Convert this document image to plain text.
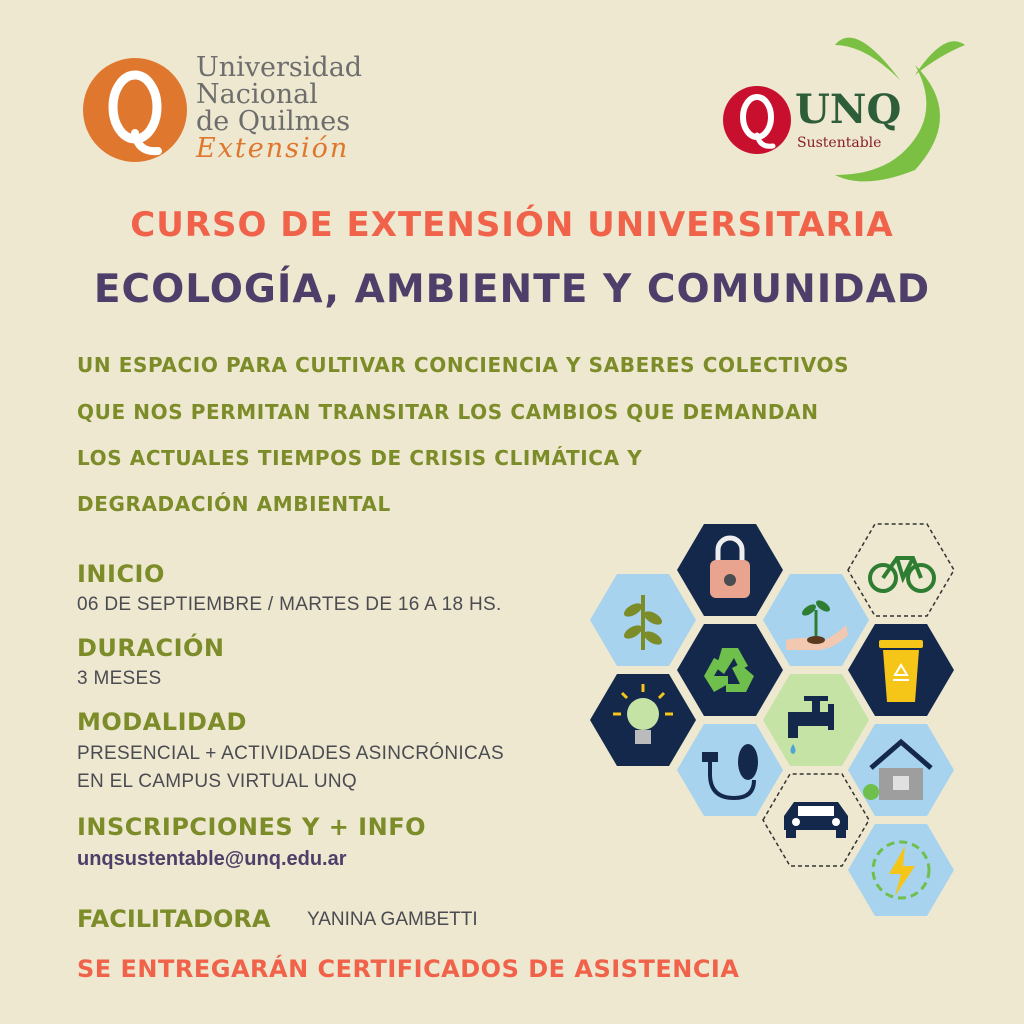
Universidad
Nacional
de Quilmes
Extensión
UNQ
Sustentable
CURSO DE EXTENSIÓN UNIVERSITARIA
ECOLOGÍA, AMBIENTE Y COMUNIDAD
UN ESPACIO PARA CULTIVAR CONCIENCIA Y SABERES COLECTIVOS
QUE NOS PERMITAN TRANSITAR LOS CAMBIOS QUE DEMANDAN
LOS ACTUALES TIEMPOS DE CRISIS CLIMÁTICA Y
DEGRADACIÓN AMBIENTAL
INICIO
06 DE SEPTIEMBRE / MARTES DE 16 A 18 HS.
DURACIÓN
3 MESES
MODALIDAD
PRESENCIAL + ACTIVIDADES ASINCRÓNICAS
EN EL CAMPUS VIRTUAL UNQ
INSCRIPCIONES Y + INFO
unqsustentable@unq.edu.ar
FACILITADORA YANINA GAMBETTI
SE ENTREGARÁN CERTIFICADOS DE ASISTENCIA
